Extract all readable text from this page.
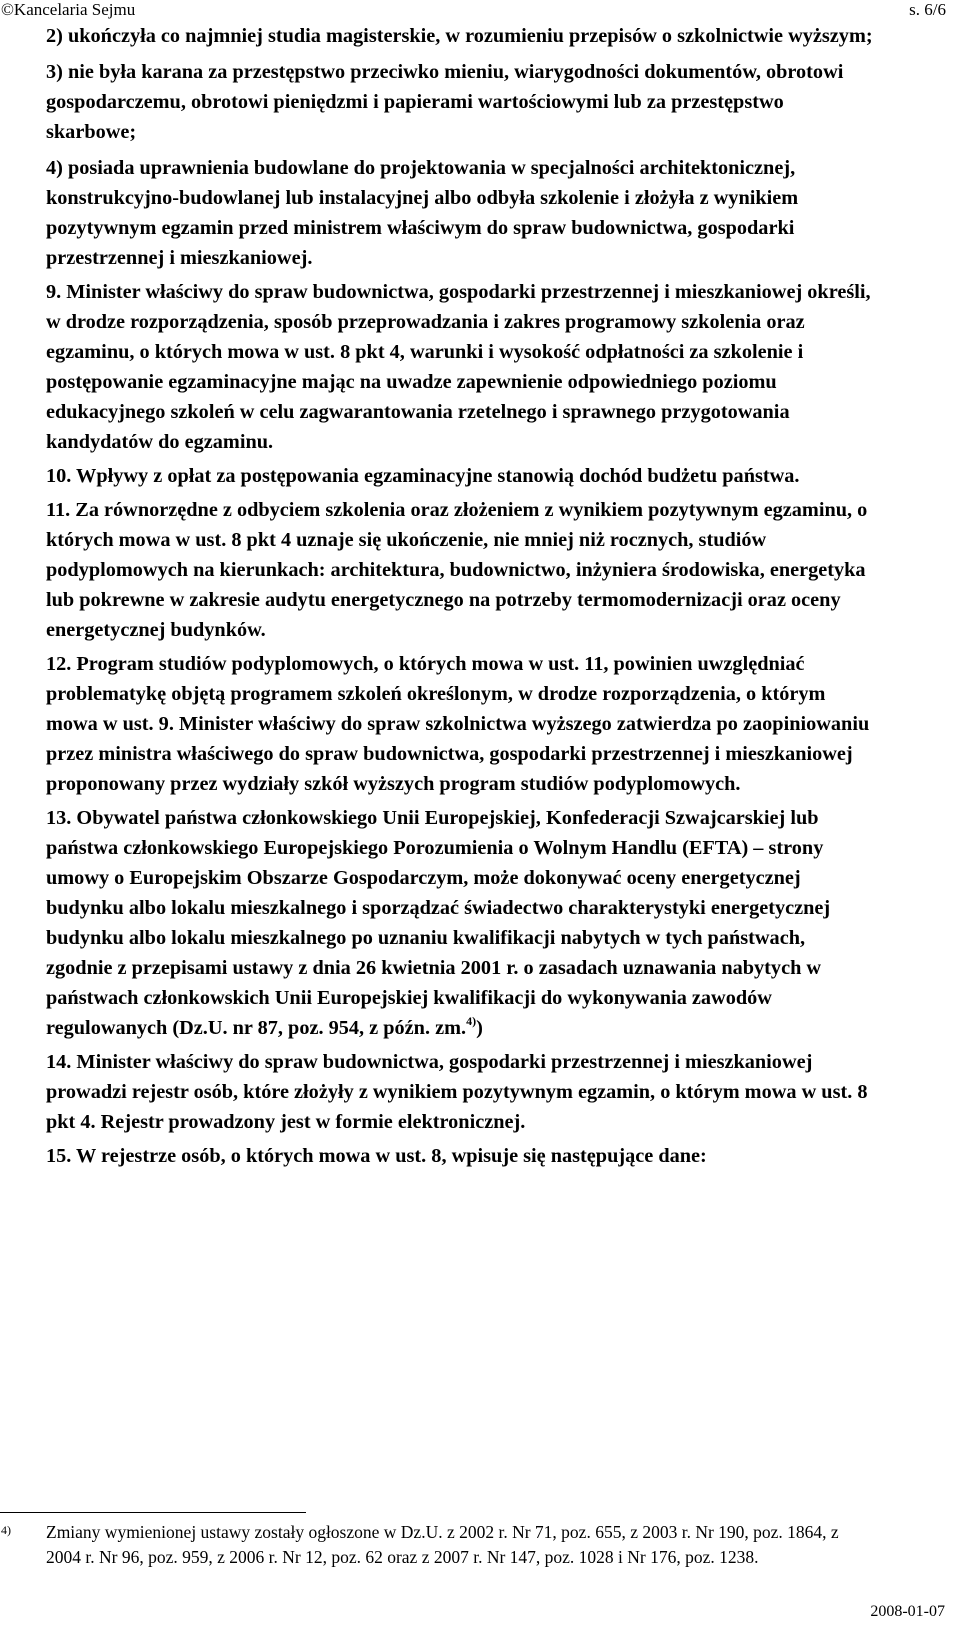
©Kancelaria Sejmu	s. 6/6

2) ukończyła co najmniej studia magisterskie, w rozumieniu przepisów o szkolnictwie wyższym;

3) nie była karana za przestępstwo przeciwko mieniu, wiarygodności dokumentów, obrotowi gospodarczemu, obrotowi pieniędzmi i papierami wartościowymi lub za przestępstwo skarbowe;

4) posiada uprawnienia budowlane do projektowania w specjalności architektonicznej, konstrukcyjno-budowlanej lub instalacyjnej albo odbyła szkolenie i złożyła z wynikiem pozytywnym egzamin przed ministrem właściwym do spraw budownictwa, gospodarki przestrzennej i mieszkaniowej.

9. Minister właściwy do spraw budownictwa, gospodarki przestrzennej i mieszkaniowej określi, w drodze rozporządzenia, sposób przeprowadzania i zakres programowy szkolenia oraz egzaminu, o których mowa w ust. 8 pkt 4, warunki i wysokość odpłatności za szkolenie i postępowanie egzaminacyjne mając na uwadze zapewnienie odpowiedniego poziomu edukacyjnego szkoleń w celu zagwarantowania rzetelnego i sprawnego przygotowania kandydatów do egzaminu.

10. Wpływy z opłat za postępowania egzaminacyjne stanowią dochód budżetu państwa.

11. Za równorzędne z odbyciem szkolenia oraz złożeniem z wynikiem pozytywnym egzaminu, o których mowa w ust. 8 pkt 4 uznaje się ukończenie, nie mniej niż rocznych, studiów podyplomowych na kierunkach: architektura, budownictwo, inżyniera środowiska, energetyka lub pokrewne w zakresie audytu energetycznego na potrzeby termomodernizacji oraz oceny energetycznej budynków.

12. Program studiów podyplomowych, o których mowa w ust. 11, powinien uwzględniać problematykę objętą programem szkoleń określonym, w drodze rozporządzenia, o którym mowa w ust. 9. Minister właściwy do spraw szkolnictwa wyższego zatwierdza po zaopiniowaniu przez ministra właściwego do spraw budownictwa, gospodarki przestrzennej i mieszkaniowej proponowany przez wydziały szkół wyższych program studiów podyplomowych.

13. Obywatel państwa członkowskiego Unii Europejskiej, Konfederacji Szwajcarskiej lub państwa członkowskiego Europejskiego Porozumienia o Wolnym Handlu (EFTA) – strony umowy o Europejskim Obszarze Gospodarczym, może dokonywać oceny energetycznej budynku albo lokalu mieszkalnego i sporządzać świadectwo charakterystyki energetycznej budynku albo lokalu mieszkalnego po uznaniu kwalifikacji nabytych w tych państwach, zgodnie z przepisami ustawy z dnia 26 kwietnia 2001 r. o zasadach uznawania nabytych w państwach członkowskich Unii Europejskiej kwalifikacji do wykonywania zawodów regulowanych (Dz.U. nr 87, poz. 954, z późn. zm.$^{4)}$)

14. Minister właściwy do spraw budownictwa, gospodarki przestrzennej i mieszkaniowej prowadzi rejestr osób, które złożyły z wynikiem pozytywnym egzamin, o którym mowa w ust. 8 pkt 4. Rejestr prowadzony jest w formie elektronicznej.

15. W rejestrze osób, o których mowa w ust. 8, wpisuje się następujące dane:

4) Zmiany wymienionej ustawy zostały ogłoszone w Dz.U. z 2002 r. Nr 71, poz. 655, z 2003 r. Nr 190, poz. 1864, z 2004 r. Nr 96, poz. 959, z 2006 r. Nr 12, poz. 62 oraz z 2007 r. Nr 147, poz. 1028 i Nr 176, poz. 1238.
2008-01-07
